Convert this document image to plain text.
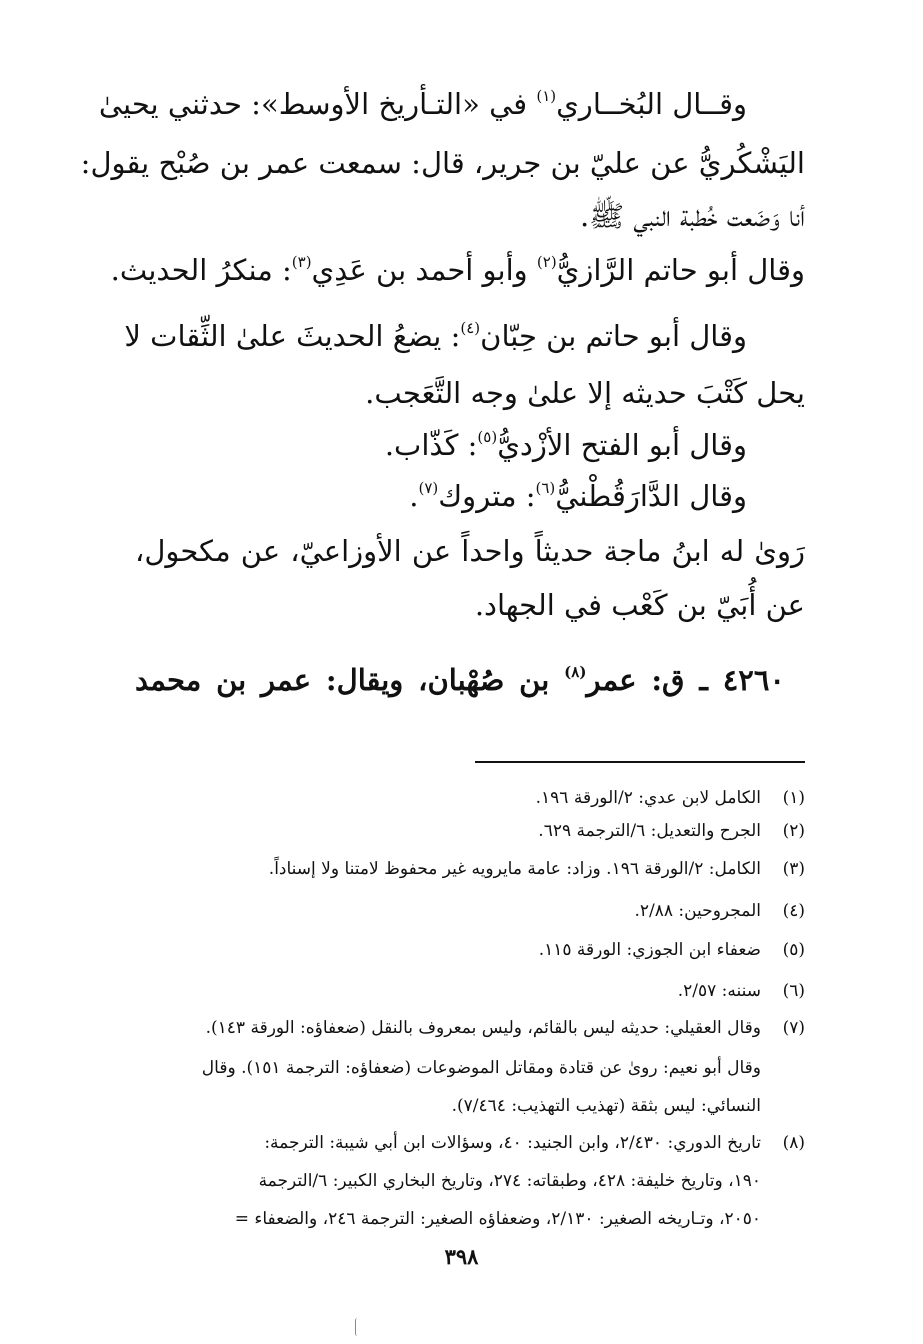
وقــال البُخــاري$^{(١)}$ في «التـأريخ الأوسط»: حدثني يحيىٰ
اليَشْكُريُّ عن عليّ بن جرير، قال: سمعت عمر بن صُبْح يقول:
أنا وَضَعت خُطبة النبي ﷺ.
وقال أبو حاتم الرَّازيُّ$^{(٢)}$ وأبو أحمد بن عَدِي$^{(٣)}$: منكرُ الحديث.
وقال أبو حاتم بن حِبّان$^{(٤)}$: يضعُ الحديثَ علىٰ الثِّقات لا
يحل كَتْبَ حديثه إلا علىٰ وجه التَّعَجب.
وقال أبو الفتح الأزْديُّ$^{(٥)}$: كَذّاب.
وقال الدَّارَقُطْنيُّ$^{(٦)}$: متروك$^{(٧)}$.
رَوىٰ له ابنُ ماجة حديثاً واحداً عن الأوزاعيّ، عن مكحول،
عن أُبَيّ بن كَعْب في الجهاد.
٤٢٦٠ ـ ق: عمر$^{(٨)}$ بن صُهْبان، ويقال: عمر بن محمد
(١)الكامل لابن عدي: ٢/الورقة ١٩٦.
(٢)الجرح والتعديل: ٦/الترجمة ٦٢٩.
(٣)الكامل: ٢/الورقة ١٩٦. وزاد: عامة مايرويه غير محفوظ لامتنا ولا إسناداً.
(٤)المجروحين: ٢/٨٨.
(٥)ضعفاء ابن الجوزي: الورقة ١١٥.
(٦)سننه: ٢/٥٧.
(٧)وقال العقيلي: حديثه ليس بالقائم، وليس بمعروف بالنقل (ضعفاؤه: الورقة ١٤٣).
وقال أبو نعيم: روىٰ عن قتادة ومقاتل الموضوعات (ضعفاؤه: الترجمة ١٥١). وقال
النسائي: ليس بثقة (تهذيب التهذيب: ٧/٤٦٤).
(٨)تاريخ الدوري: ٢/٤٣٠، وابن الجنيد: ٤٠، وسؤالات ابن أبي شيبة: الترجمة:
١٩٠، وتاريخ خليفة: ٤٢٨، وطبقاته: ٢٧٤، وتاريخ البخاري الكبير: ٦/الترجمة
٢٠٥٠، وتـاريخه الصغير: ٢/١٣٠، وضعفاؤه الصغير: الترجمة ٢٤٦، والضعفاء =
٣٩٨
